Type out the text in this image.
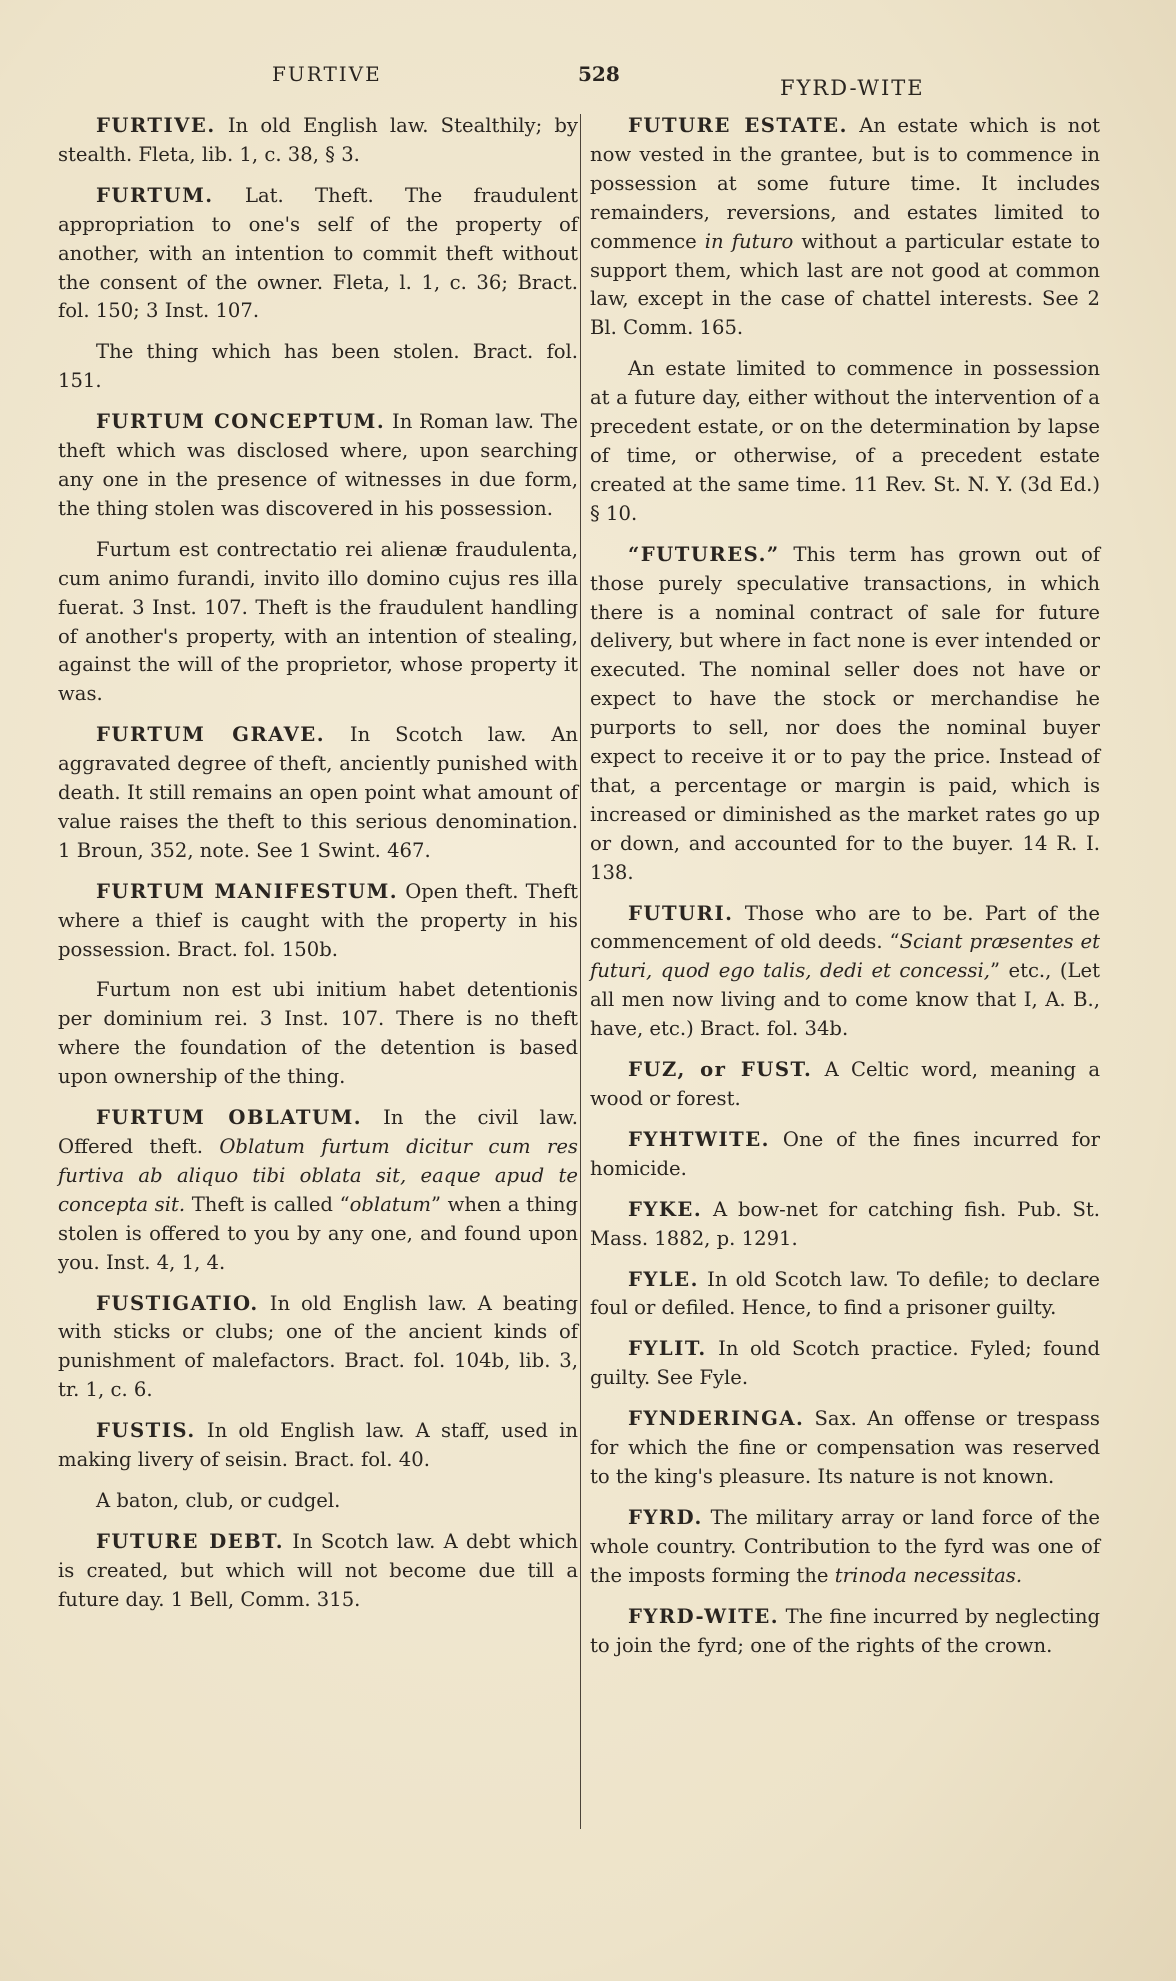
FURTIVE	528
FYRD-WITE

FURTIVE. In old English law. Stealthily; by stealth. Fleta, lib. 1, c. 38, § 3.

FURTUM. Lat. Theft. The fraudulent appropriation to one's self of the property of another, with an intention to commit theft without the consent of the owner. Fleta, l. 1, c. 36; Bract. fol. 150; 3 Inst. 107.

The thing which has been stolen. Bract. fol. 151.

FURTUM CONCEPTUM. In Roman law. The theft which was disclosed where, upon searching any one in the presence of witnesses in due form, the thing stolen was discovered in his possession.

Furtum est contrectatio rei alienæ fraudulenta, cum animo furandi, invito illo domino cujus res illa fuerat. 3 Inst. 107. Theft is the fraudulent handling of another's property, with an intention of stealing, against the will of the proprietor, whose property it was.

FURTUM GRAVE. In Scotch law. An aggravated degree of theft, anciently punished with death. It still remains an open point what amount of value raises the theft to this serious denomination. 1 Broun, 352, note. See 1 Swint. 467.

FURTUM MANIFESTUM. Open theft. Theft where a thief is caught with the property in his possession. Bract. fol. 150b.

Furtum non est ubi initium habet detentionis per dominium rei. 3 Inst. 107. There is no theft where the foundation of the detention is based upon ownership of the thing.

FURTUM OBLATUM. In the civil law. Offered theft. Oblatum furtum dicitur cum res furtiva ab aliquo tibi oblata sit, eaque apud te concepta sit. Theft is called “oblatum” when a thing stolen is offered to you by any one, and found upon you. Inst. 4, 1, 4.

FUSTIGATIO. In old English law. A beating with sticks or clubs; one of the ancient kinds of punishment of malefactors. Bract. fol. 104b, lib. 3, tr. 1, c. 6.

FUSTIS. In old English law. A staff, used in making livery of seisin. Bract. fol. 40.

A baton, club, or cudgel.

FUTURE DEBT. In Scotch law. A debt which is created, but which will not become due till a future day. 1 Bell, Comm. 315.

FUTURE ESTATE. An estate which is not now vested in the grantee, but is to commence in possession at some future time. It includes remainders, reversions, and estates limited to commence in futuro without a particular estate to support them, which last are not good at common law, except in the case of chattel interests. See 2 Bl. Comm. 165.

An estate limited to commence in possession at a future day, either without the intervention of a precedent estate, or on the determination by lapse of time, or otherwise, of a precedent estate created at the same time. 11 Rev. St. N. Y. (3d Ed.) § 10.

“FUTURES.” This term has grown out of those purely speculative transactions, in which there is a nominal contract of sale for future delivery, but where in fact none is ever intended or executed. The nominal seller does not have or expect to have the stock or merchandise he purports to sell, nor does the nominal buyer expect to receive it or to pay the price. Instead of that, a percentage or margin is paid, which is increased or diminished as the market rates go up or down, and accounted for to the buyer. 14 R. I. 138.

FUTURI. Those who are to be. Part of the commencement of old deeds. “Sciant præsentes et futuri, quod ego talis, dedi et concessi,” etc., (Let all men now living and to come know that I, A. B., have, etc.) Bract. fol. 34b.

FUZ, or FUST. A Celtic word, meaning a wood or forest.

FYHTWITE. One of the fines incurred for homicide.

FYKE. A bow-net for catching fish. Pub. St. Mass. 1882, p. 1291.

FYLE. In old Scotch law. To defile; to declare foul or defiled. Hence, to find a prisoner guilty.

FYLIT. In old Scotch practice. Fyled; found guilty. See Fyle.

FYNDERINGA. Sax. An offense or trespass for which the fine or compensation was reserved to the king's pleasure. Its nature is not known.

FYRD. The military array or land force of the whole country. Contribution to the fyrd was one of the imposts forming the trinoda necessitas.

FYRD-WITE. The fine incurred by neglecting to join the fyrd; one of the rights of the crown.
